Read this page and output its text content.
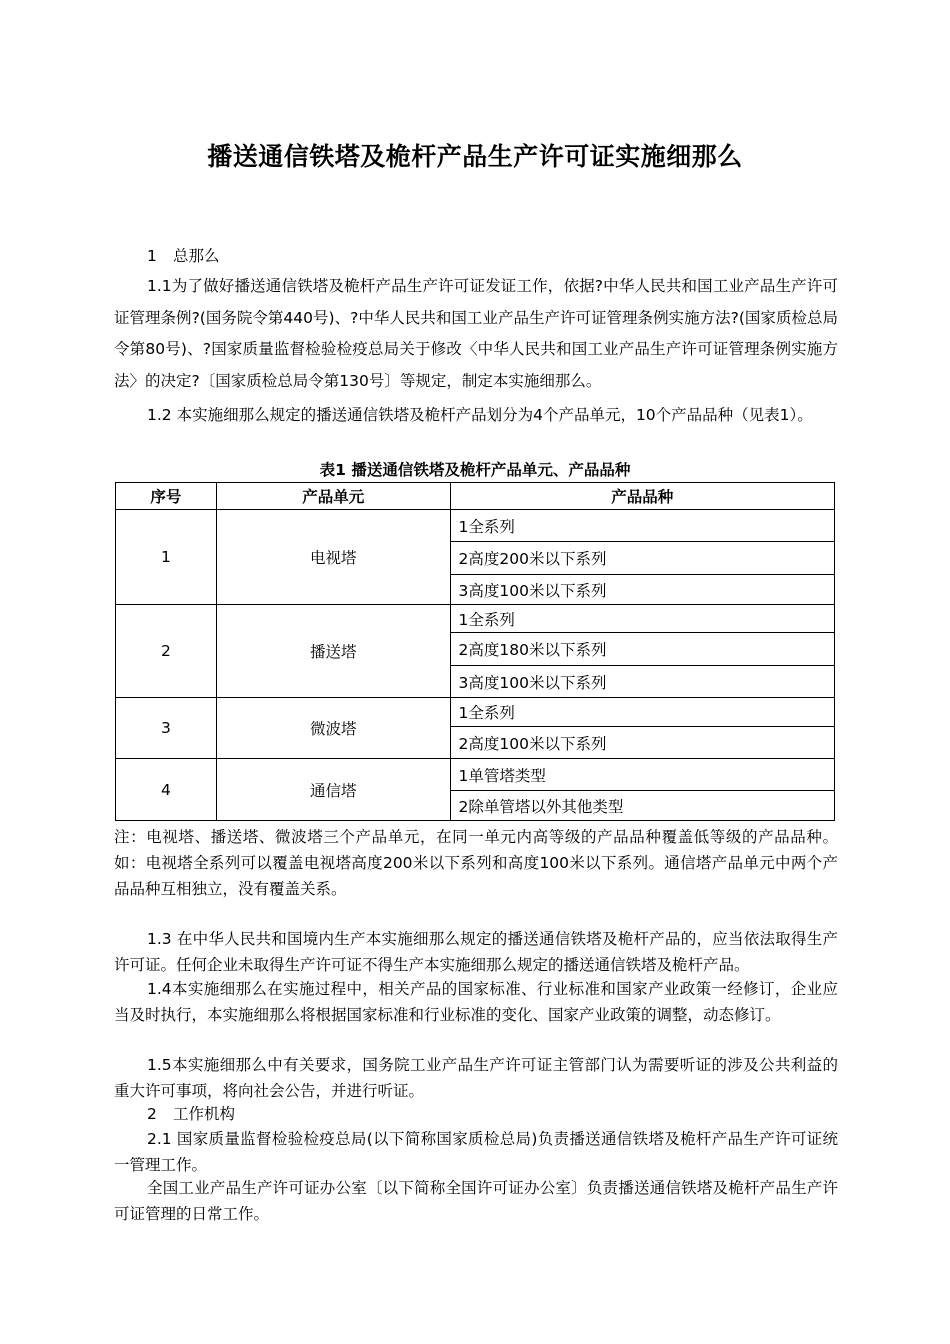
播送通信铁塔及桅杆产品生产许可证实施细那么
1 总那么
1.1为了做好播送通信铁塔及桅杆产品生产许可证发证工作，依据?中华人民共和国工业产品生产许可证管理条例?(国务院令第440号)、?中华人民共和国工业产品生产许可证管理条例实施方法?(国家质检总局令第80号)、?国家质量监督检验检疫总局关于修改〈中华人民共和国工业产品生产许可证管理条例实施方法〉的决定?〔国家质检总局令第130号〕等规定，制定本实施细那么。
1.2 本实施细那么规定的播送通信铁塔及桅杆产品划分为4个产品单元，10个产品品种（见表1）。
表1 播送通信铁塔及桅杆产品单元、产品品种
序号	产品单元	产品品种
1	电视塔	1全系列
		2高度200米以下系列
		3高度100米以下系列
2	播送塔	1全系列
		2高度180米以下系列
		3高度100米以下系列
3	微波塔	1全系列
		2高度100米以下系列
4	通信塔	1单管塔类型
		2除单管塔以外其他类型
注：电视塔、播送塔、微波塔三个产品单元，在同一单元内高等级的产品品种覆盖低等级的产品品种。如：电视塔全系列可以覆盖电视塔高度200米以下系列和高度100米以下系列。通信塔产品单元中两个产品品种互相独立，没有覆盖关系。
1.3 在中华人民共和国境内生产本实施细那么规定的播送通信铁塔及桅杆产品的，应当依法取得生产许可证。任何企业未取得生产许可证不得生产本实施细那么规定的播送通信铁塔及桅杆产品。
1.4本实施细那么在实施过程中，相关产品的国家标准、行业标准和国家产业政策一经修订，企业应当及时执行，本实施细那么将根据国家标准和行业标准的变化、国家产业政策的调整，动态修订。
1.5本实施细那么中有关要求，国务院工业产品生产许可证主管部门认为需要听证的涉及公共利益的重大许可事项，将向社会公告，并进行听证。
2 工作机构
2.1 国家质量监督检验检疫总局(以下简称国家质检总局)负责播送通信铁塔及桅杆产品生产许可证统一管理工作。
全国工业产品生产许可证办公室〔以下简称全国许可证办公室〕负责播送通信铁塔及桅杆产品生产许可证管理的日常工作。
